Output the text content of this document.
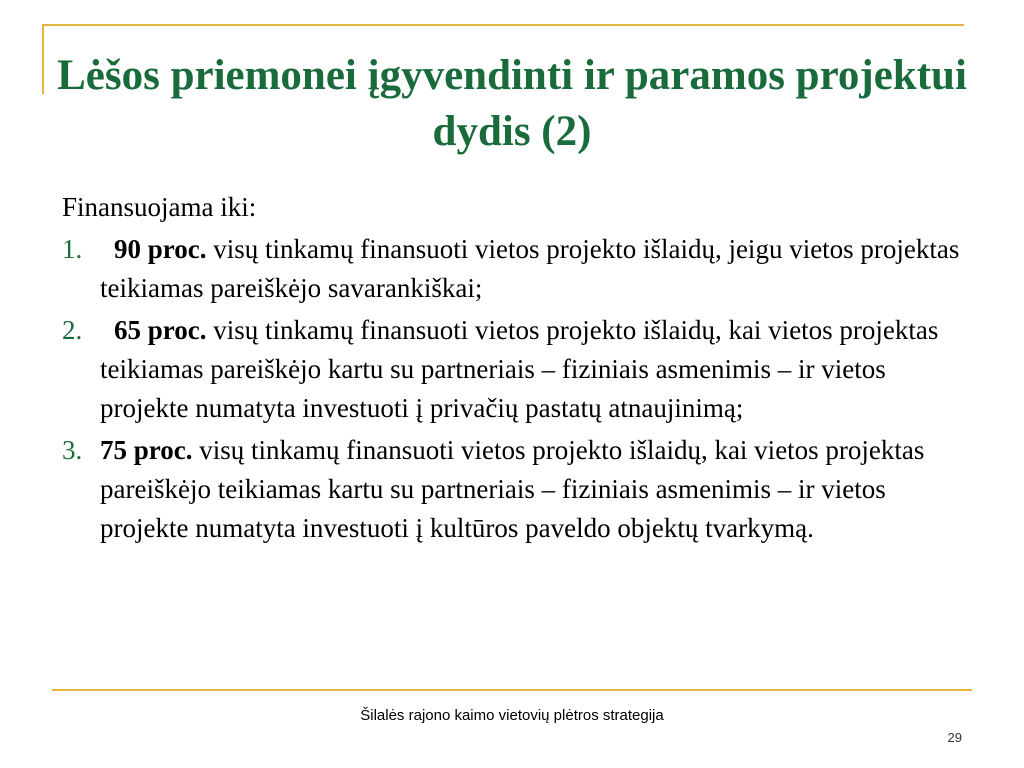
Lėšos priemonei įgyvendinti ir paramos projektui dydis (2)

Finansuojama iki:

1. 90 proc. visų tinkamų finansuoti vietos projekto išlaidų, jeigu vietos projektas teikiamas pareiškėjo savarankiškai;

2. 65 proc. visų tinkamų finansuoti vietos projekto išlaidų, kai vietos projektas teikiamas pareiškėjo kartu su partneriais – fiziniais asmenimis – ir vietos projekte numatyta investuoti į privačių pastatų atnaujinimą;

3. 75 proc. visų tinkamų finansuoti vietos projekto išlaidų, kai vietos projektas pareiškėjo teikiamas kartu su partneriais – fiziniais asmenimis – ir vietos projekte numatyta investuoti į kultūros paveldo objektų tvarkymą.

Šilalės rajono kaimo vietovių plėtros strategija
29
